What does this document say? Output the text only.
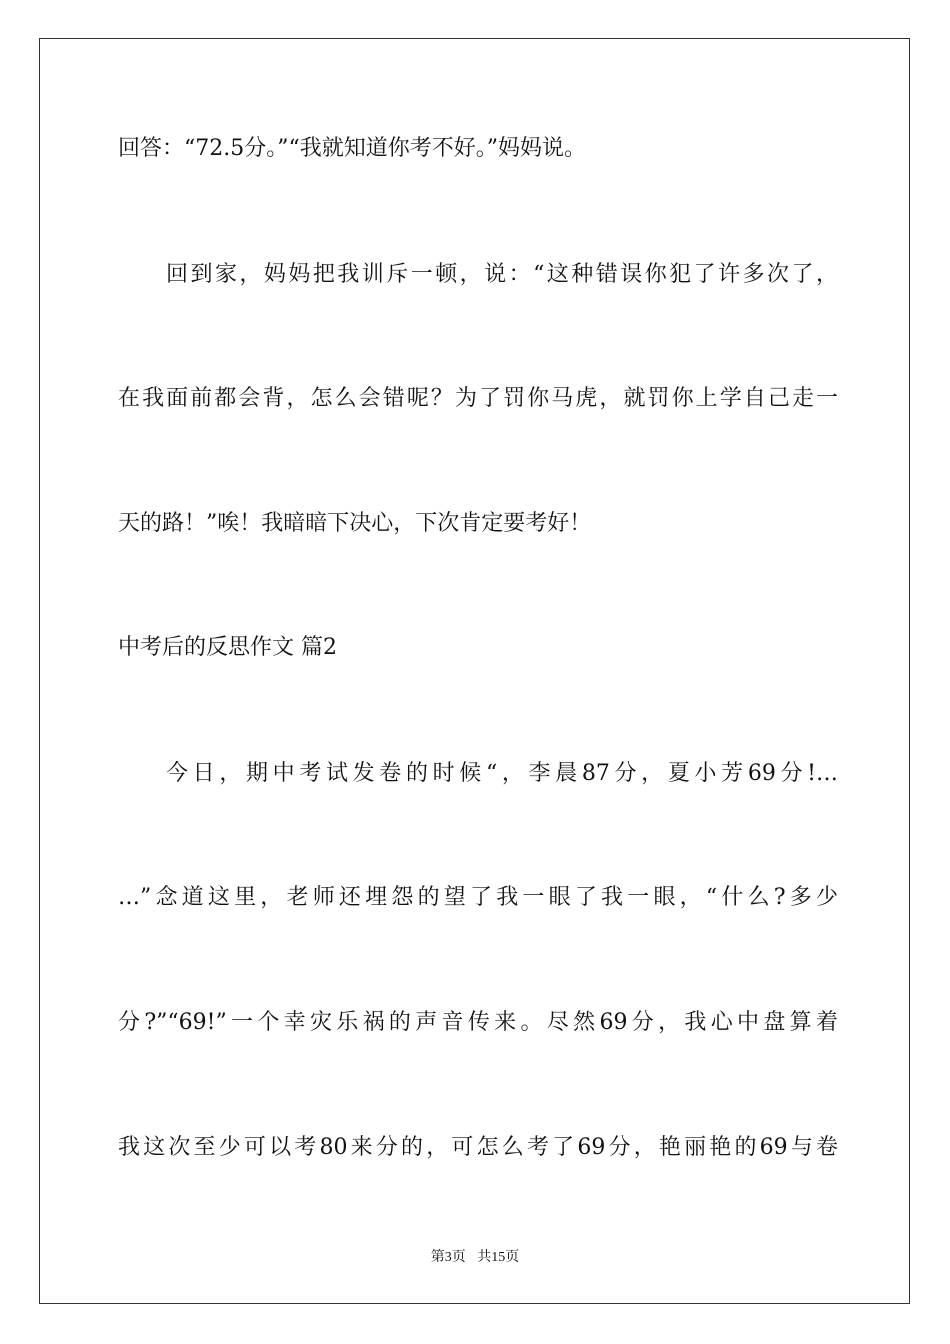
回答：“72.5分。”“我就知道你考不好。”妈妈说。

回到家，妈妈把我训斥一顿，说：“这种错误你犯了许多次了，

在我面前都会背，怎么会错呢？为了罚你马虎，就罚你上学自己走一

天的路！”唉！我暗暗下决心，下次肯定要考好！

中考后的反思作文 篇2

今日，期中考试发卷的时候“，李晨87分，夏小芳69分!…

…”念道这里，老师还埋怨的望了我一眼了我一眼，“什么?多少

分?”“69!”一个幸灾乐祸的声音传来。尽然69分，我心中盘算着

我这次至少可以考80来分的，可怎么考了69分，艳丽艳的69与卷

第3页 共15页
